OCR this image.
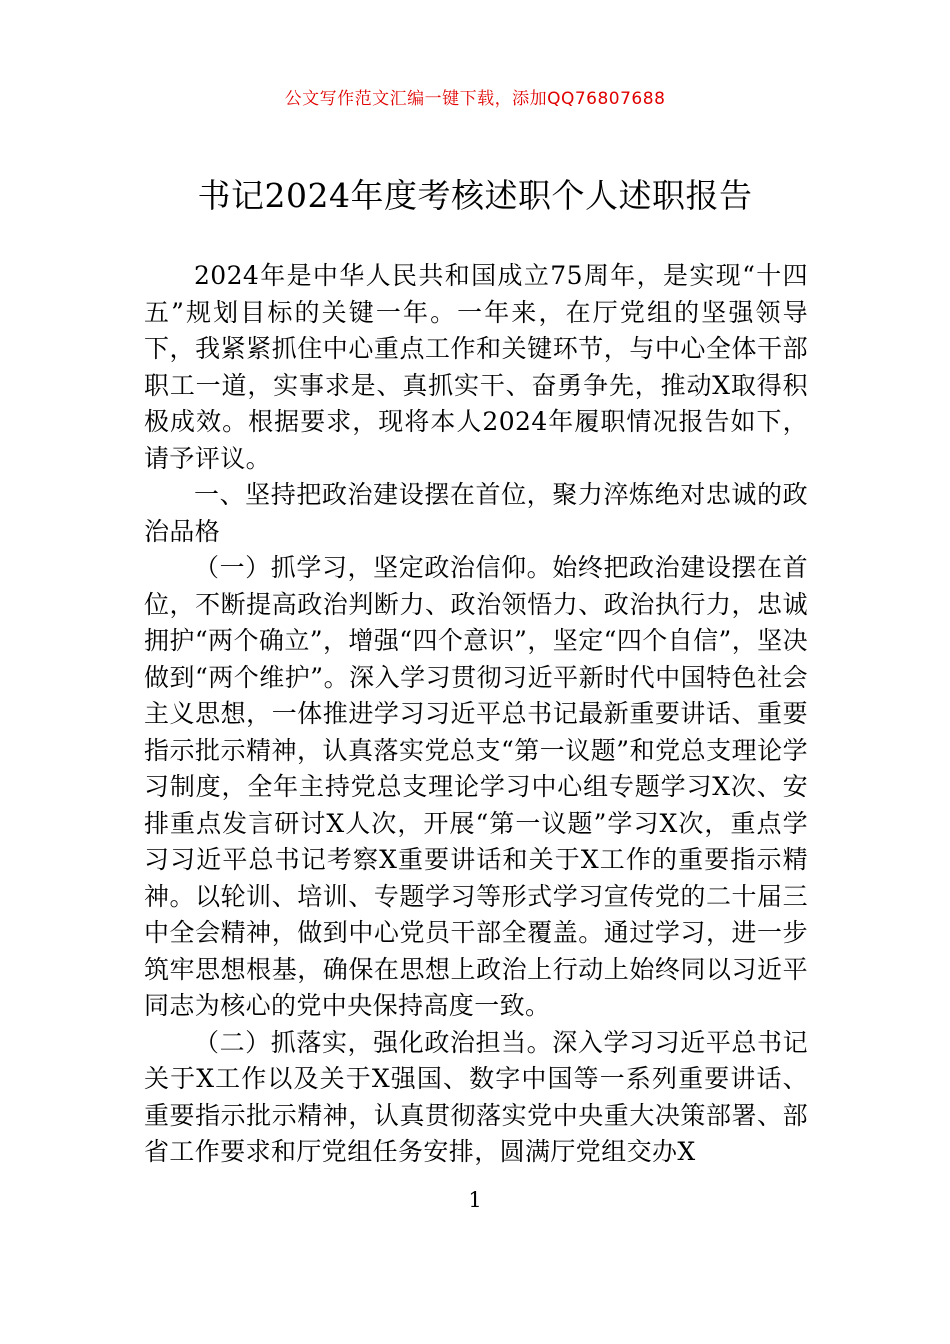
公文写作范文汇编一键下载，添加QQ76807688
书记2024年度考核述职个人述职报告

2024年是中华人民共和国成立75周年，是实现“十四五”规划目标的关键一年。一年来，在厅党组的坚强领导下，我紧紧抓住中心重点工作和关键环节，与中心全体干部职工一道，实事求是、真抓实干、奋勇争先，推动X取得积极成效。根据要求，现将本人2024年履职情况报告如下，请予评议。

一、坚持把政治建设摆在首位，聚力淬炼绝对忠诚的政治品格

（一）抓学习，坚定政治信仰。始终把政治建设摆在首位，不断提高政治判断力、政治领悟力、政治执行力，忠诚拥护“两个确立”，增强“四个意识”，坚定“四个自信”，坚决做到“两个维护”。深入学习贯彻习近平新时代中国特色社会主义思想，一体推进学习习近平总书记最新重要讲话、重要指示批示精神，认真落实党总支“第一议题”和党总支理论学习制度，全年主持党总支理论学习中心组专题学习X次、安排重点发言研讨X人次，开展“第一议题”学习X次，重点学习习近平总书记考察X重要讲话和关于X工作的重要指示精神。以轮训、培训、专题学习等形式学习宣传党的二十届三中全会精神，做到中心党员干部全覆盖。通过学习，进一步筑牢思想根基，确保在思想上政治上行动上始终同以习近平同志为核心的党中央保持高度一致。

（二）抓落实，强化政治担当。深入学习习近平总书记关于X工作以及关于X强国、数字中国等一系列重要讲话、重要指示批示精神，认真贯彻落实党中央重大决策部署、部省工作要求和厅党组任务安排，圆满厅党组交办X

1
